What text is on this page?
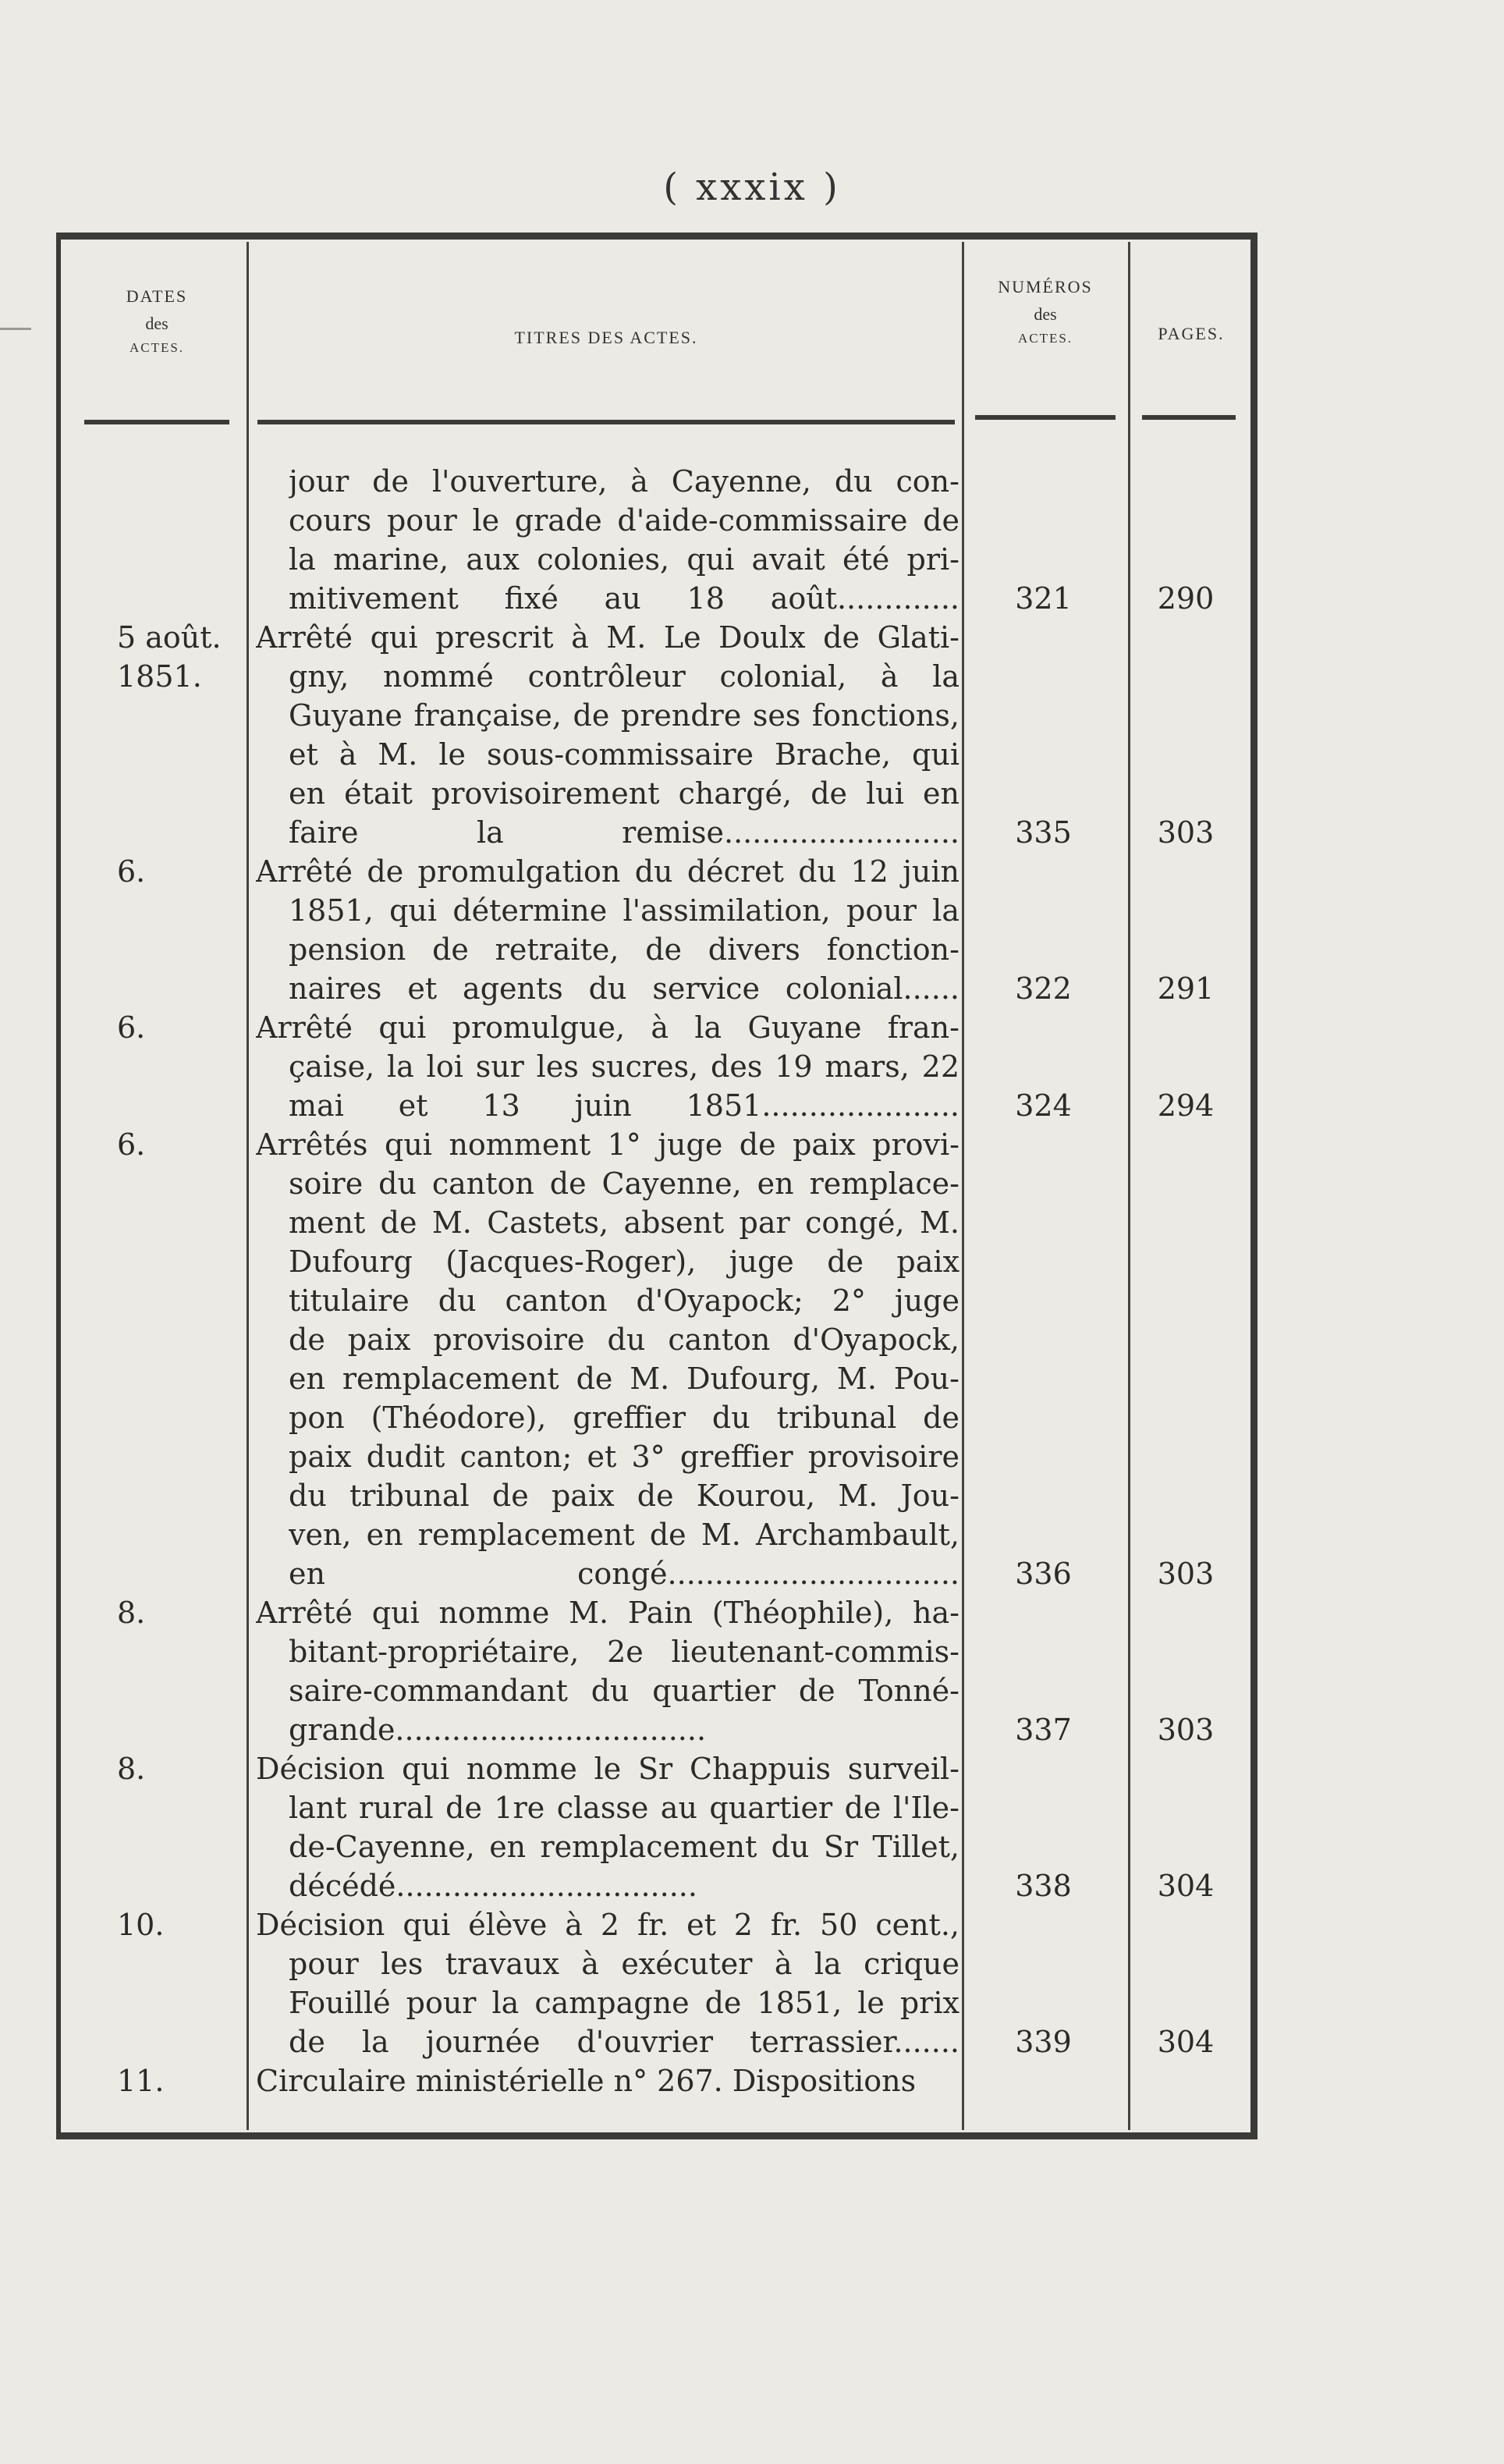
( xxxix )
DATES
des
ACTES.
TITRES DES ACTES.
NUMÉROS
des
ACTES.	PAGES.
jour de l'ouverture, à Cayenne, du con-
cours pour le grade d'aide-commissaire de
la marine, aux colonies, qui avait été pri-
mitivement fixé au 18 août.............
Arrêté qui prescrit à M. Le Doulx de Glati-
gny, nommé contrôleur colonial, à la
Guyane française, de prendre ses fonctions,
et à M. le sous-commissaire Brache, qui
en était provisoirement chargé, de lui en
faire la remise.........................
Arrêté de promulgation du décret du 12 juin
1851, qui détermine l'assimilation, pour la
pension de retraite, de divers fonction-
naires et agents du service colonial......
Arrêté qui promulgue, à la Guyane fran-
çaise, la loi sur les sucres, des 19 mars, 22
mai et 13 juin 1851.....................
Arrêtés qui nomment 1° juge de paix provi-
soire du canton de Cayenne, en remplace-
ment de M. Castets, absent par congé, M.
Dufourg (Jacques-Roger), juge de paix
titulaire du canton d'Oyapock; 2° juge
de paix provisoire du canton d'Oyapock,
en remplacement de M. Dufourg, M. Pou-
pon (Théodore), greffier du tribunal de
paix dudit canton; et 3° greffier provisoire
du tribunal de paix de Kourou, M. Jou-
ven, en remplacement de M. Archambault,
en congé...............................
Arrêté qui nomme M. Pain (Théophile), ha-
bitant-propriétaire, 2e lieutenant-commis-
saire-commandant du quartier de Tonné-
grande.................................
Décision qui nomme le Sr Chappuis surveil-
lant rural de 1re classe au quartier de l'Ile-
de-Cayenne, en remplacement du Sr Tillet,
décédé................................
Décision qui élève à 2 fr. et 2 fr. 50 cent.,
pour les travaux à exécuter à la crique
Fouillé pour la campagne de 1851, le prix
de la journée d'ouvrier terrassier.......
Circulaire ministérielle n° 267. Dispositions
5 août.
1851.
6.
6.
6.
8.
8.
10.
11.
321
335
322
324
336
337
338
339
290
303
291
294
303
303
304
304
